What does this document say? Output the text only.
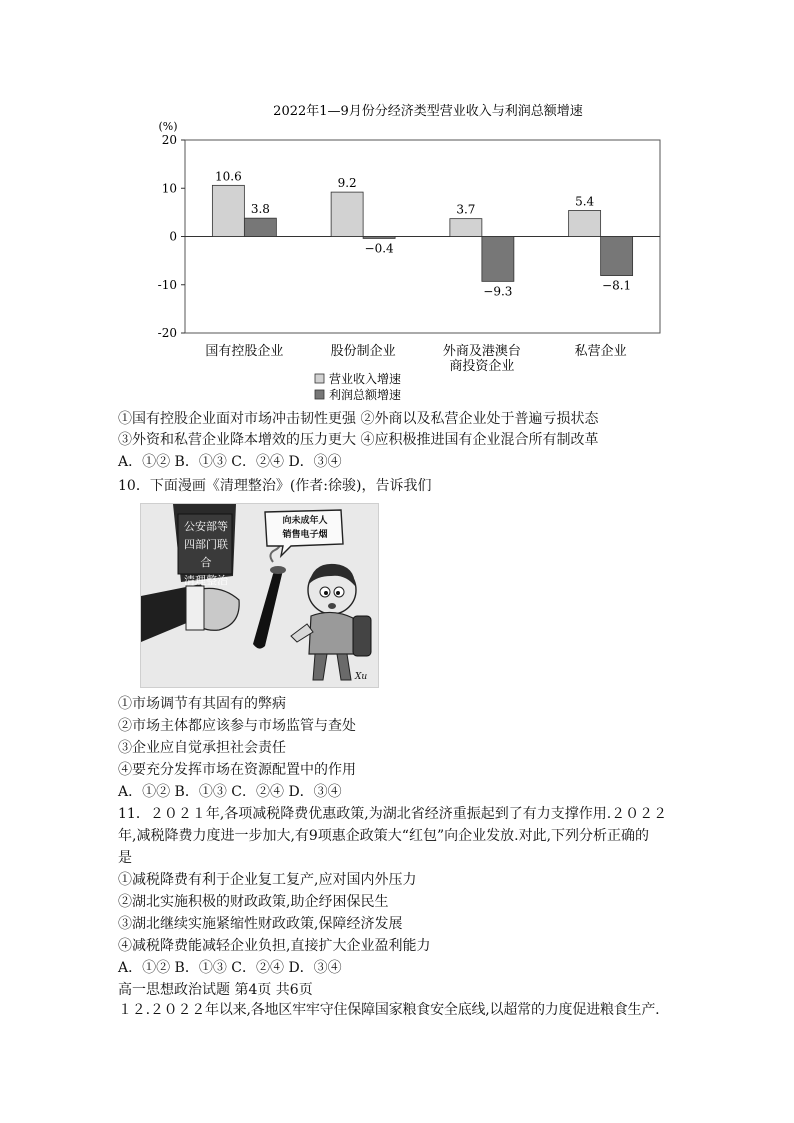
2022年1—9月份分经济类型营业收入与利润总额增速
(%)
20
10
0
-10
-20
10.6
3.8
国有控股企业
9.2
−0.4
股份制企业
3.7
−9.3
外商及港澳台
商投资企业
5.4
−8.1
私营企业
营业收入增速
利润总额增速
①国有控股企业面对市场冲击韧性更强 ②外商以及私营企业处于普遍亏损状态
③外资和私营企业降本增效的压力更大 ④应积极推进国有企业混合所有制改革
A．①② B．①③ C．②④ D．③④
10．下面漫画《清理整治》(作者:徐骏)，告诉我们
公安部等
四部门联合
清理整治
向未成年人
销售电子烟
Xu
①市场调节有其固有的弊病
②市场主体都应该参与市场监管与查处
③企业应自觉承担社会责任
④要充分发挥市场在资源配置中的作用
A．①② B．①③ C．②④ D．③④
11．２０２１年,各项减税降费优惠政策,为湖北省经济重振起到了有力支撑作用.２０２２
年,减税降费力度进一步加大,有9项惠企政策大“红包”向企业发放.对此,下列分析正确的
是
①减税降费有利于企业复工复产,应对国内外压力
②湖北实施积极的财政政策,助企纾困保民生
③湖北继续实施紧缩性财政政策,保障经济发展
④减税降费能减轻企业负担,直接扩大企业盈利能力
A．①② B．①③ C．②④ D．③④
高一思想政治试题 第4页 共6页
１２.２０２２年以来,各地区牢牢守住保障国家粮食安全底线,以超常的力度促进粮食生产.
